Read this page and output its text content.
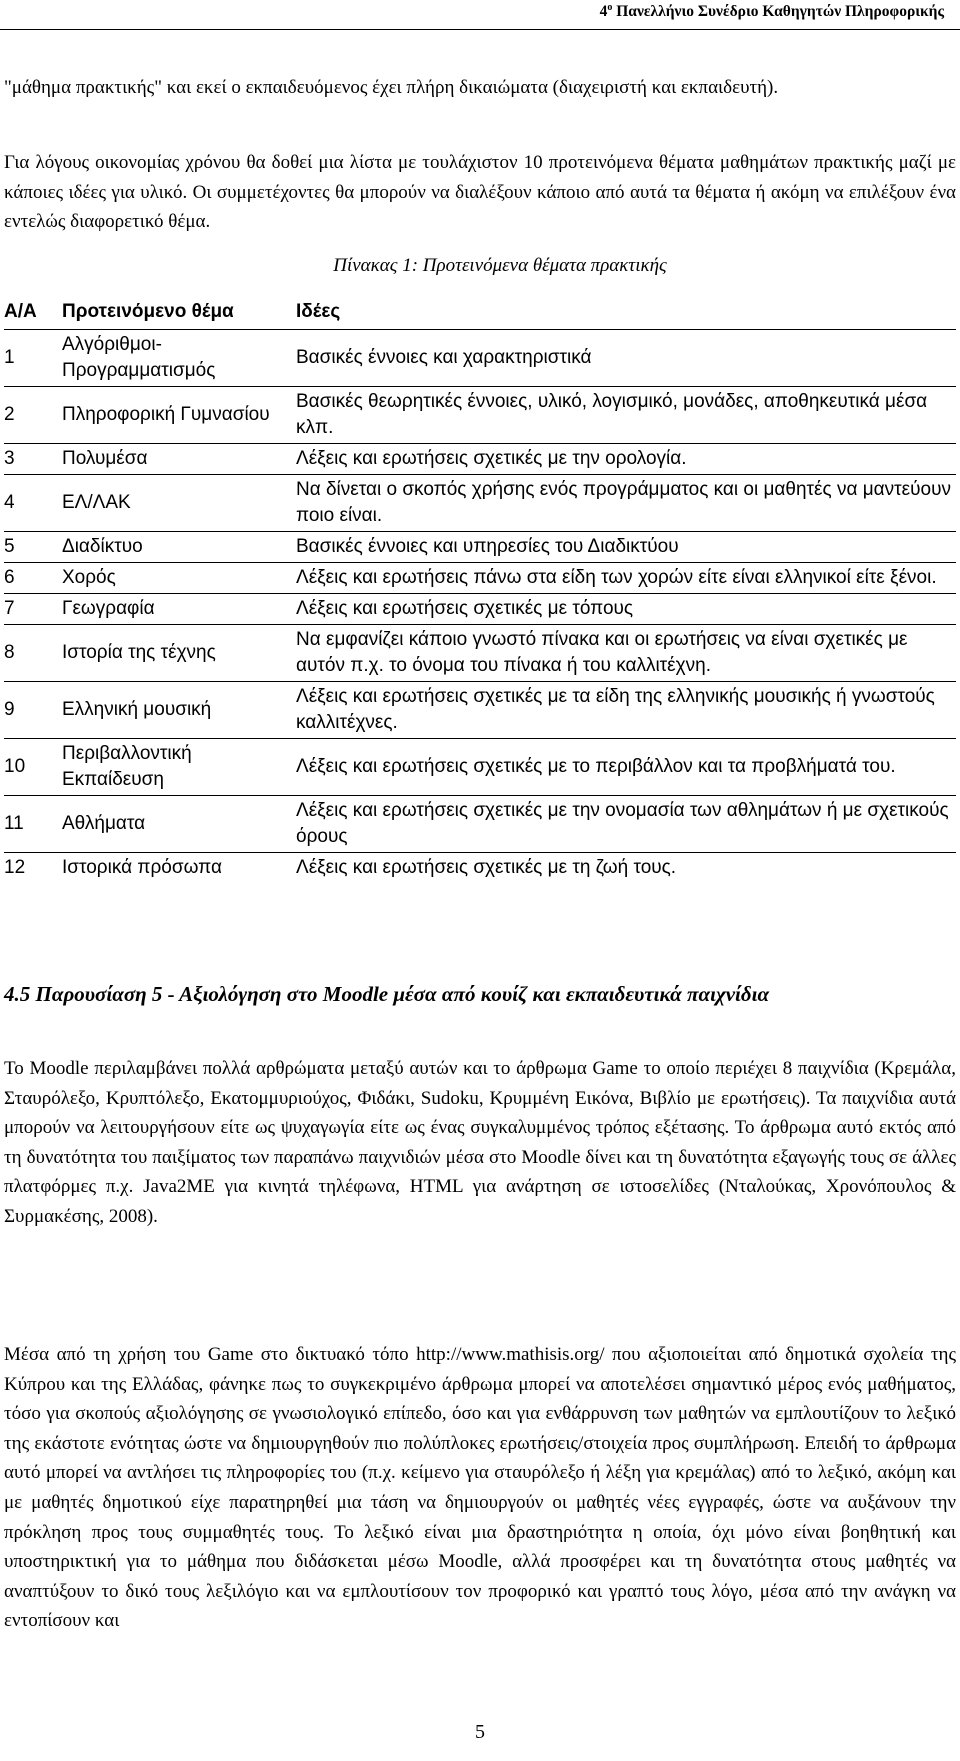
$4^o$ Πανελλήνιο Συνέδριο Καθηγητών Πληροφορικής

"μάθημα πρακτικής" και εκεί ο εκπαιδευόμενος έχει πλήρη δικαιώματα (διαχειριστή και εκπαιδευτή).

Για λόγους οικονομίας χρόνου θα δοθεί μια λίστα με τουλάχιστον 10 προτεινόμενα θέματα μαθημάτων πρακτικής μαζί με κάποιες ιδέες για υλικό. Οι συμμετέχοντες θα μπορούν να διαλέξουν κάποιο από αυτά τα θέματα ή ακόμη να επιλέξουν ένα εντελώς διαφορετικό θέμα.

Πίνακας 1: Προτεινόμενα θέματα πρακτικής
Α/Α	Προτεινόμενο θέμα	Ιδέες
1	Αλγόριθμοι-Προγραμματισμός	Βασικές έννοιες και χαρακτηριστικά
2	Πληροφορική Γυμνασίου	Βασικές θεωρητικές έννοιες, υλικό, λογισμικό, μονάδες, αποθηκευτικά μέσα κλπ.
3	Πολυμέσα	Λέξεις και ερωτήσεις σχετικές με την ορολογία.
4	ΕΛ/ΛΑΚ	Να δίνεται ο σκοπός χρήσης ενός προγράμματος και οι μαθητές να μαντεύουν ποιο είναι.
5	Διαδίκτυο	Βασικές έννοιες και υπηρεσίες του Διαδικτύου
6	Χορός	Λέξεις και ερωτήσεις πάνω στα είδη των χορών είτε είναι ελληνικοί είτε ξένοι.
7	Γεωγραφία	Λέξεις και ερωτήσεις σχετικές με τόπους
8	Ιστορία της τέχνης	Να εμφανίζει κάποιο γνωστό πίνακα και οι ερωτήσεις να είναι σχετικές με αυτόν π.χ. το όνομα του πίνακα ή του καλλιτέχνη.
9	Ελληνική μουσική	Λέξεις και ερωτήσεις σχετικές με τα είδη της ελληνικής μουσικής ή γνωστούς καλλιτέχνες.
10	Περιβαλλοντική Εκπαίδευση	Λέξεις και ερωτήσεις σχετικές με το περιβάλλον και τα προβλήματά του.
11	Αθλήματα	Λέξεις και ερωτήσεις σχετικές με την ονομασία των αθλημάτων ή με σχετικούς όρους
12	Ιστορικά πρόσωπα	Λέξεις και ερωτήσεις σχετικές με τη ζωή τους.
4.5 Παρουσίαση 5 - Αξιολόγηση στο Moodle μέσα από κουίζ και εκπαιδευτικά παιχνίδια

Το Moodle περιλαμβάνει πολλά αρθρώματα μεταξύ αυτών και το άρθρωμα Game το οποίο περιέχει 8 παιχνίδια (Κρεμάλα, Σταυρόλεξο, Κρυπτόλεξο, Εκατομμυριούχος, Φιδάκι, Sudoku, Κρυμμένη Εικόνα, Βιβλίο με ερωτήσεις). Τα παιχνίδια αυτά μπορούν να λειτουργήσουν είτε ως ψυχαγωγία είτε ως ένας συγκαλυμμένος τρόπος εξέτασης. Το άρθρωμα αυτό εκτός από τη δυνατότητα του παιξίματος των παραπάνω παιχνιδιών μέσα στο Moodle δίνει και τη δυνατότητα εξαγωγής τους σε άλλες πλατφόρμες π.χ. Java2ME για κινητά τηλέφωνα, HTML για ανάρτηση σε ιστοσελίδες (Νταλούκας, Χρονόπουλος & Συρμακέσης, 2008).

Μέσα από τη χρήση του Game στο δικτυακό τόπο http://www.mathisis.org/ που αξιοποιείται από δημοτικά σχολεία της Κύπρου και της Ελλάδας, φάνηκε πως το συγκεκριμένο άρθρωμα μπορεί να αποτελέσει σημαντικό μέρος ενός μαθήματος, τόσο για σκοπούς αξιολόγησης σε γνωσιολογικό επίπεδο, όσο και για ενθάρρυνση των μαθητών να εμπλουτίζουν το λεξικό της εκάστοτε ενότητας ώστε να δημιουργηθούν πιο πολύπλοκες ερωτήσεις/στοιχεία προς συμπλήρωση. Επειδή το άρθρωμα αυτό μπορεί να αντλήσει τις πληροφορίες του (π.χ. κείμενο για σταυρόλεξο ή λέξη για κρεμάλας) από το λεξικό, ακόμη και με μαθητές δημοτικού είχε παρατηρηθεί μια τάση να δημιουργούν οι μαθητές νέες εγγραφές, ώστε να αυξάνουν την πρόκληση προς τους συμμαθητές τους. Το λεξικό είναι μια δραστηριότητα η οποία, όχι μόνο είναι βοηθητική και υποστηρικτική για το μάθημα που διδάσκεται μέσω Moodle, αλλά προσφέρει και τη δυνατότητα στους μαθητές να αναπτύξουν το δικό τους λεξιλόγιο και να εμπλουτίσουν τον προφορικό και γραπτό τους λόγο, μέσα από την ανάγκη να εντοπίσουν και

5
